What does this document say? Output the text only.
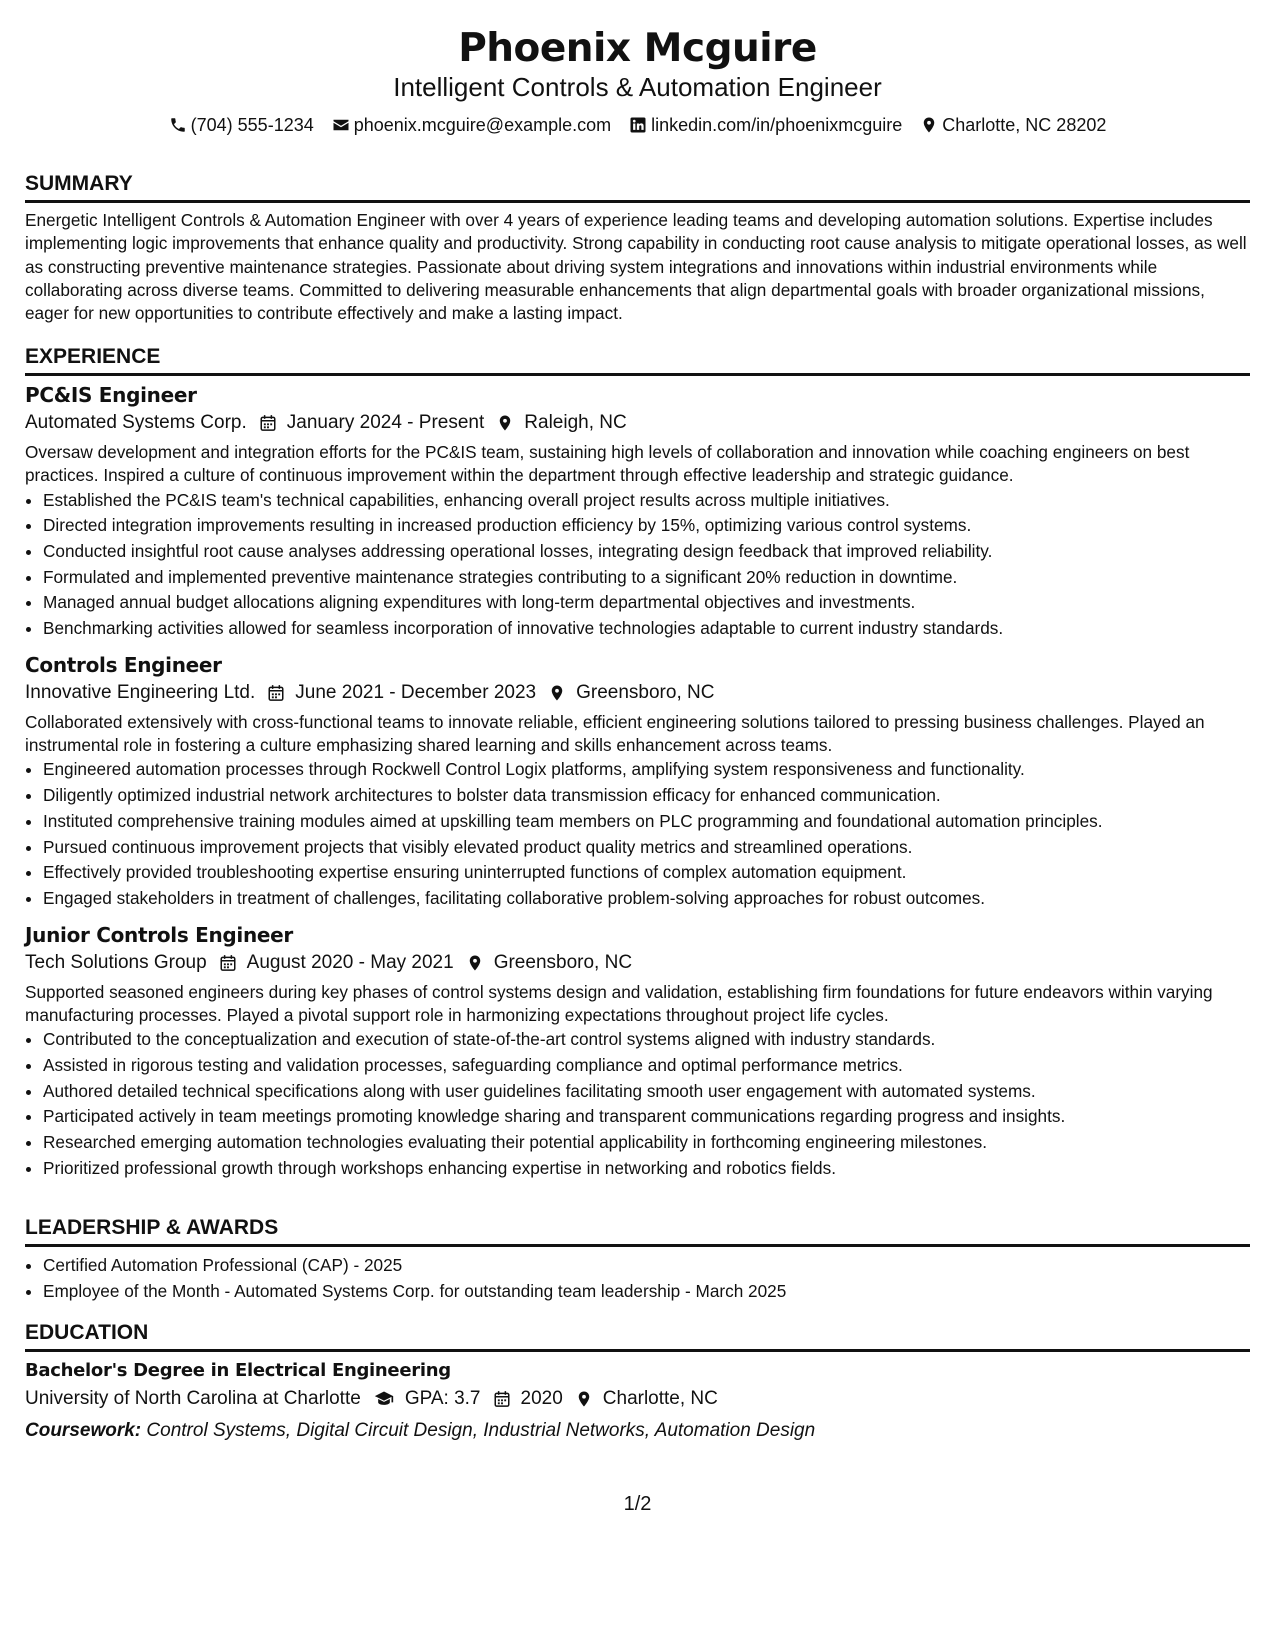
Phoenix Mcguire
Intelligent Controls & Automation Engineer
(704) 555-1234 phoenix.mcguire@example.com linkedin.com/in/phoenixmcguire Charlotte, NC 28202
SUMMARY
Energetic Intelligent Controls & Automation Engineer with over 4 years of experience leading teams and developing automation solutions. Expertise includes implementing logic improvements that enhance quality and productivity. Strong capability in conducting root cause analysis to mitigate operational losses, as well as constructing preventive maintenance strategies. Passionate about driving system integrations and innovations within industrial environments while collaborating across diverse teams. Committed to delivering measurable enhancements that align departmental goals with broader organizational missions, eager for new opportunities to contribute effectively and make a lasting impact.
EXPERIENCE
PC&IS Engineer
Automated Systems Corp. January 2024 - Present Raleigh, NC
Oversaw development and integration efforts for the PC&IS team, sustaining high levels of collaboration and innovation while coaching engineers on best practices. Inspired a culture of continuous improvement within the department through effective leadership and strategic guidance.
• Established the PC&IS team's technical capabilities, enhancing overall project results across multiple initiatives.
• Directed integration improvements resulting in increased production efficiency by 15%, optimizing various control systems.
• Conducted insightful root cause analyses addressing operational losses, integrating design feedback that improved reliability.
• Formulated and implemented preventive maintenance strategies contributing to a significant 20% reduction in downtime.
• Managed annual budget allocations aligning expenditures with long-term departmental objectives and investments.
• Benchmarking activities allowed for seamless incorporation of innovative technologies adaptable to current industry standards.
Controls Engineer
Innovative Engineering Ltd. June 2021 - December 2023 Greensboro, NC
Collaborated extensively with cross-functional teams to innovate reliable, efficient engineering solutions tailored to pressing business challenges. Played an instrumental role in fostering a culture emphasizing shared learning and skills enhancement across teams.
• Engineered automation processes through Rockwell Control Logix platforms, amplifying system responsiveness and functionality.
• Diligently optimized industrial network architectures to bolster data transmission efficacy for enhanced communication.
• Instituted comprehensive training modules aimed at upskilling team members on PLC programming and foundational automation principles.
• Pursued continuous improvement projects that visibly elevated product quality metrics and streamlined operations.
• Effectively provided troubleshooting expertise ensuring uninterrupted functions of complex automation equipment.
• Engaged stakeholders in treatment of challenges, facilitating collaborative problem-solving approaches for robust outcomes.
Junior Controls Engineer
Tech Solutions Group August 2020 - May 2021 Greensboro, NC
Supported seasoned engineers during key phases of control systems design and validation, establishing firm foundations for future endeavors within varying manufacturing processes. Played a pivotal support role in harmonizing expectations throughout project life cycles.
• Contributed to the conceptualization and execution of state-of-the-art control systems aligned with industry standards.
• Assisted in rigorous testing and validation processes, safeguarding compliance and optimal performance metrics.
• Authored detailed technical specifications along with user guidelines facilitating smooth user engagement with automated systems.
• Participated actively in team meetings promoting knowledge sharing and transparent communications regarding progress and insights.
• Researched emerging automation technologies evaluating their potential applicability in forthcoming engineering milestones.
• Prioritized professional growth through workshops enhancing expertise in networking and robotics fields.
LEADERSHIP & AWARDS
• Certified Automation Professional (CAP) - 2025
• Employee of the Month - Automated Systems Corp. for outstanding team leadership - March 2025
EDUCATION
Bachelor's Degree in Electrical Engineering
University of North Carolina at Charlotte GPA: 3.7 2020 Charlotte, NC
Coursework: Control Systems, Digital Circuit Design, Industrial Networks, Automation Design
1/2
